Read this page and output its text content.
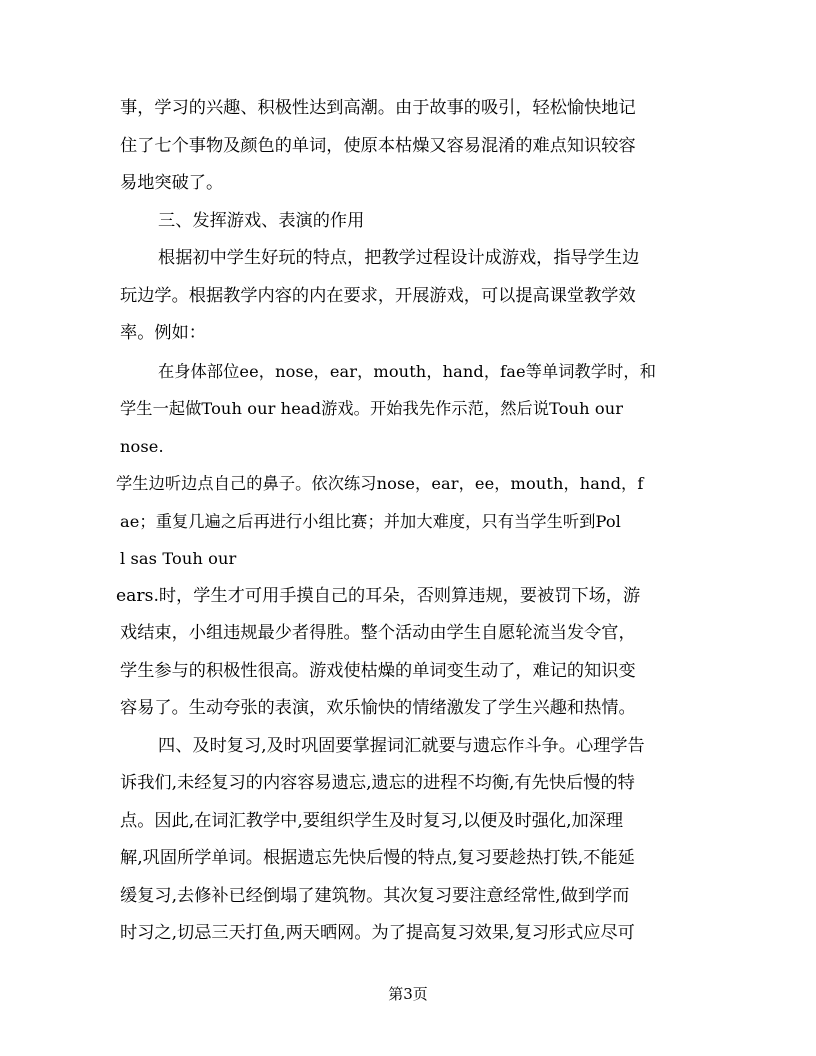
事，学习的兴趣、积极性达到高潮。由于故事的吸引，轻松愉快地记
住了七个事物及颜色的单词，使原本枯燥又容易混淆的难点知识较容
易地突破了。
三、发挥游戏、表演的作用
根据初中学生好玩的特点，把教学过程设计成游戏，指导学生边
玩边学。根据教学内容的内在要求，开展游戏，可以提高课堂教学效
率。例如：
在身体部位ee，nose，ear，mouth，hand，fae等单词教学时，和
学生一起做Touh our head游戏。开始我先作示范，然后说Touh our
nose.
学生边听边点自己的鼻子。依次练习nose，ear，ee，mouth，hand，f
ae；重复几遍之后再进行小组比赛；并加大难度，只有当学生听到Pol
l sas Touh our
ears.时，学生才可用手摸自己的耳朵，否则算违规，要被罚下场，游
戏结束，小组违规最少者得胜。整个活动由学生自愿轮流当发令官，
学生参与的积极性很高。游戏使枯燥的单词变生动了，难记的知识变
容易了。生动夸张的表演，欢乐愉快的情绪激发了学生兴趣和热情。
四、及时复习,及时巩固要掌握词汇就要与遗忘作斗争。心理学告
诉我们,未经复习的内容容易遗忘,遗忘的进程不均衡,有先快后慢的特
点。因此,在词汇教学中,要组织学生及时复习,以便及时强化,加深理
解,巩固所学单词。根据遗忘先快后慢的特点,复习要趁热打铁,不能延
缓复习,去修补已经倒塌了建筑物。其次复习要注意经常性,做到学而
时习之,切忌三天打鱼,两天晒网。为了提高复习效果,复习形式应尽可
第3页
